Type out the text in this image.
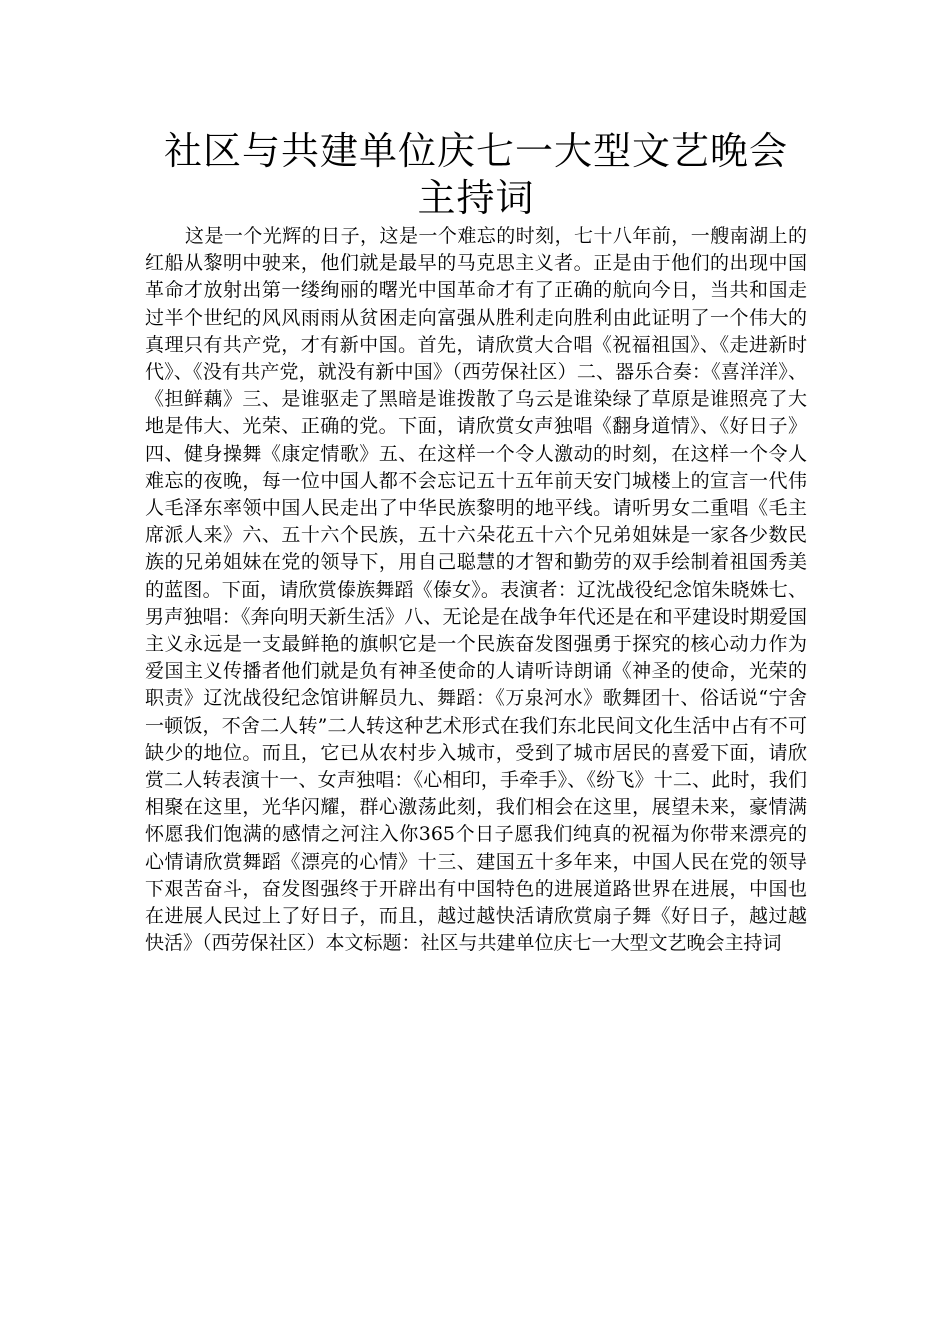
社区与共建单位庆七一大型文艺晚会主持词

这是一个光辉的日子，这是一个难忘的时刻，七十八年前，一艘南湖上的红船从黎明中驶来，他们就是最早的马克思主义者。正是由于他们的出现中国革命才放射出第一缕绚丽的曙光中国革命才有了正确的航向今日，当共和国走过半个世纪的风风雨雨从贫困走向富强从胜利走向胜利由此证明了一个伟大的真理只有共产党，才有新中国。首先，请欣赏大合唱《祝福祖国》、《走进新时代》、《没有共产党，就没有新中国》（西劳保社区）二、器乐合奏：《喜洋洋》、《担鲜藕》三、是谁驱走了黑暗是谁拨散了乌云是谁染绿了草原是谁照亮了大地是伟大、光荣、正确的党。下面，请欣赏女声独唱《翻身道情》、《好日子》四、健身操舞《康定情歌》五、在这样一个令人激动的时刻，在这样一个令人难忘的夜晚，每一位中国人都不会忘记五十五年前天安门城楼上的宣言一代伟人毛泽东率领中国人民走出了中华民族黎明的地平线。请听男女二重唱《毛主席派人来》六、五十六个民族，五十六朵花五十六个兄弟姐妹是一家各少数民族的兄弟姐妹在党的领导下，用自己聪慧的才智和勤劳的双手绘制着祖国秀美的蓝图。下面，请欣赏傣族舞蹈《傣女》。表演者：辽沈战役纪念馆朱晓姝七、男声独唱：《奔向明天新生活》八、无论是在战争年代还是在和平建设时期爱国主义永远是一支最鲜艳的旗帜它是一个民族奋发图强勇于探究的核心动力作为爱国主义传播者他们就是负有神圣使命的人请听诗朗诵《神圣的使命，光荣的职责》辽沈战役纪念馆讲解员九、舞蹈：《万泉河水》歌舞团十、俗话说“宁舍一顿饭，不舍二人转”二人转这种艺术形式在我们东北民间文化生活中占有不可缺少的地位。而且，它已从农村步入城市，受到了城市居民的喜爱下面，请欣赏二人转表演十一、女声独唱：《心相印，手牵手》、《纷飞》十二、此时，我们相聚在这里，光华闪耀，群心激荡此刻，我们相会在这里，展望未来，豪情满怀愿我们饱满的感情之河注入你365个日子愿我们纯真的祝福为你带来漂亮的心情请欣赏舞蹈《漂亮的心情》十三、建国五十多年来，中国人民在党的领导下艰苦奋斗，奋发图强终于开辟出有中国特色的进展道路世界在进展，中国也在进展人民过上了好日子，而且，越过越快活请欣赏扇子舞《好日子，越过越快活》（西劳保社区）本文标题：社区与共建单位庆七一大型文艺晚会主持词
